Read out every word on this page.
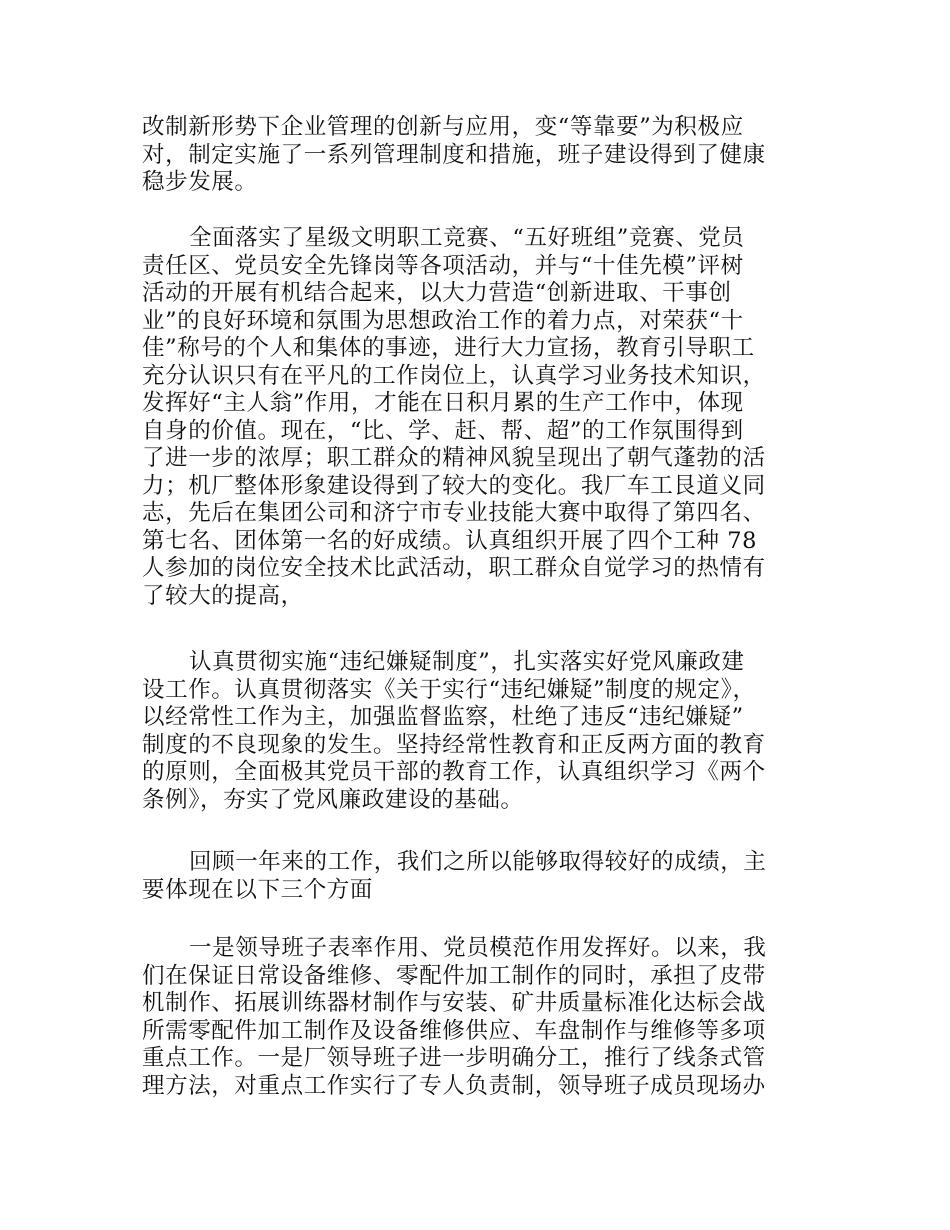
改制新形势下企业管理的创新与应用，变“等靠要”为积极应
对，制定实施了一系列管理制度和措施，班子建设得到了健康
稳步发展。

全面落实了星级文明职工竞赛、“五好班组”竞赛、党员
责任区、党员安全先锋岗等各项活动，并与“十佳先模”评树
活动的开展有机结合起来，以大力营造“创新进取、干事创
业”的良好环境和氛围为思想政治工作的着力点，对荣获“十
佳”称号的个人和集体的事迹，进行大力宣扬，教育引导职工
充分认识只有在平凡的工作岗位上，认真学习业务技术知识，
发挥好“主人翁”作用，才能在日积月累的生产工作中，体现
自身的价值。现在，“比、学、赶、帮、超”的工作氛围得到
了进一步的浓厚；职工群众的精神风貌呈现出了朝气蓬勃的活
力；机厂整体形象建设得到了较大的变化。我厂车工艮道义同
志，先后在集团公司和济宁市专业技能大赛中取得了第四名、
第七名、团体第一名的好成绩。认真组织开展了四个工种 78
人参加的岗位安全技术比武活动，职工群众自觉学习的热情有
了较大的提高，

认真贯彻实施“违纪嫌疑制度”，扎实落实好党风廉政建
设工作。认真贯彻落实《关于实行“违纪嫌疑”制度的规定》，
以经常性工作为主，加强监督监察，杜绝了违反“违纪嫌疑”
制度的不良现象的发生。坚持经常性教育和正反两方面的教育
的原则，全面极其党员干部的教育工作，认真组织学习《两个
条例》，夯实了党风廉政建设的基础。

回顾一年来的工作，我们之所以能够取得较好的成绩，主
要体现在以下三个方面

一是领导班子表率作用、党员模范作用发挥好。以来，我
们在保证日常设备维修、零配件加工制作的同时，承担了皮带
机制作、拓展训练器材制作与安装、矿井质量标准化达标会战
所需零配件加工制作及设备维修供应、车盘制作与维修等多项
重点工作。一是厂领导班子进一步明确分工，推行了线条式管
理方法，对重点工作实行了专人负责制，领导班子成员现场办
